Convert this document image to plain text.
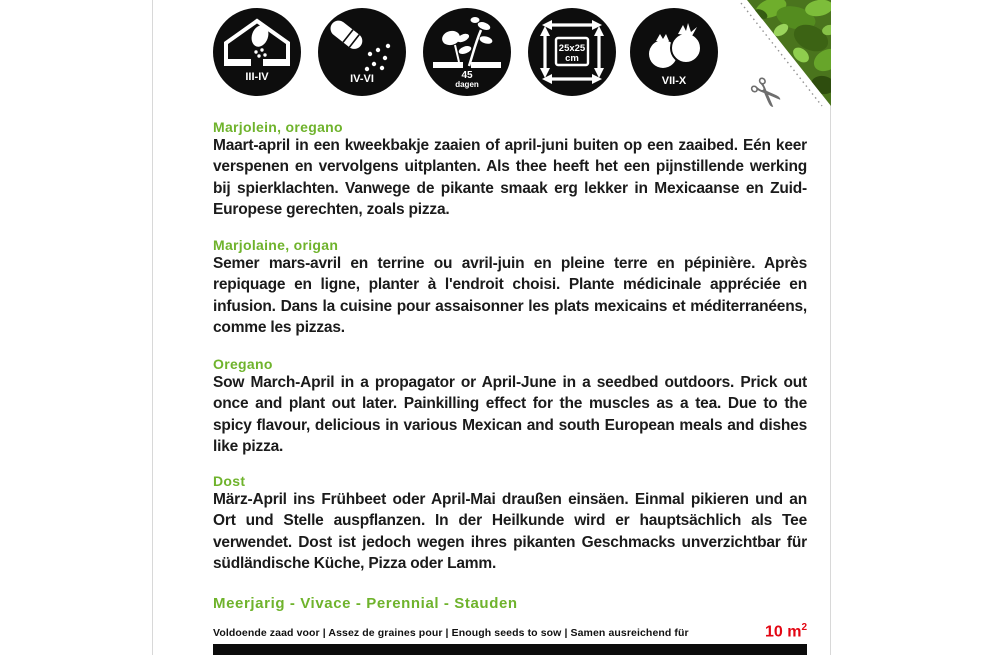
III-IV	IV-VI	45
dagen
25x25
cm
VII-X ✂
Marjolein, oregano

Maart-april in een kweekbakje zaaien of april-juni buiten op een zaaibed. Eén keer verspenen en vervolgens uitplanten. Als thee heeft het een pijnstillende werking bij spierklachten. Vanwege de pikante smaak erg lekker in Mexicaanse en Zuid-Europese gerechten, zoals pizza.

Marjolaine, origan

Semer mars-avril en terrine ou avril-juin en pleine terre en pépinière. Après repiquage en ligne, planter à l'endroit choisi. Plante médicinale appréciée en infusion. Dans la cuisine pour assaisonner les plats mexicains et méditerranéens, comme les pizzas.

Oregano

Sow March-April in a propagator or April-June in a seedbed outdoors. Prick out once and plant out later. Painkilling effect for the muscles as a tea. Due to the spicy flavour, delicious in various Mexican and south European meals and dishes like pizza.

Dost

März-April ins Frühbeet oder April-Mai draußen einsäen. Einmal pikieren und an Ort und Stelle auspflanzen. In der Heilkunde wird er hauptsächlich als Tee verwendet. Dost ist jedoch wegen ihres pikanten Geschmacks unverzichtbar für südländische Küche, Pizza oder Lamm.

Meerjarig - Vivace - Perennial - Stauden
Voldoende zaad voor | Assez de graines pour | Enough seeds to sow | Samen ausreichend für	10 $m^2$
